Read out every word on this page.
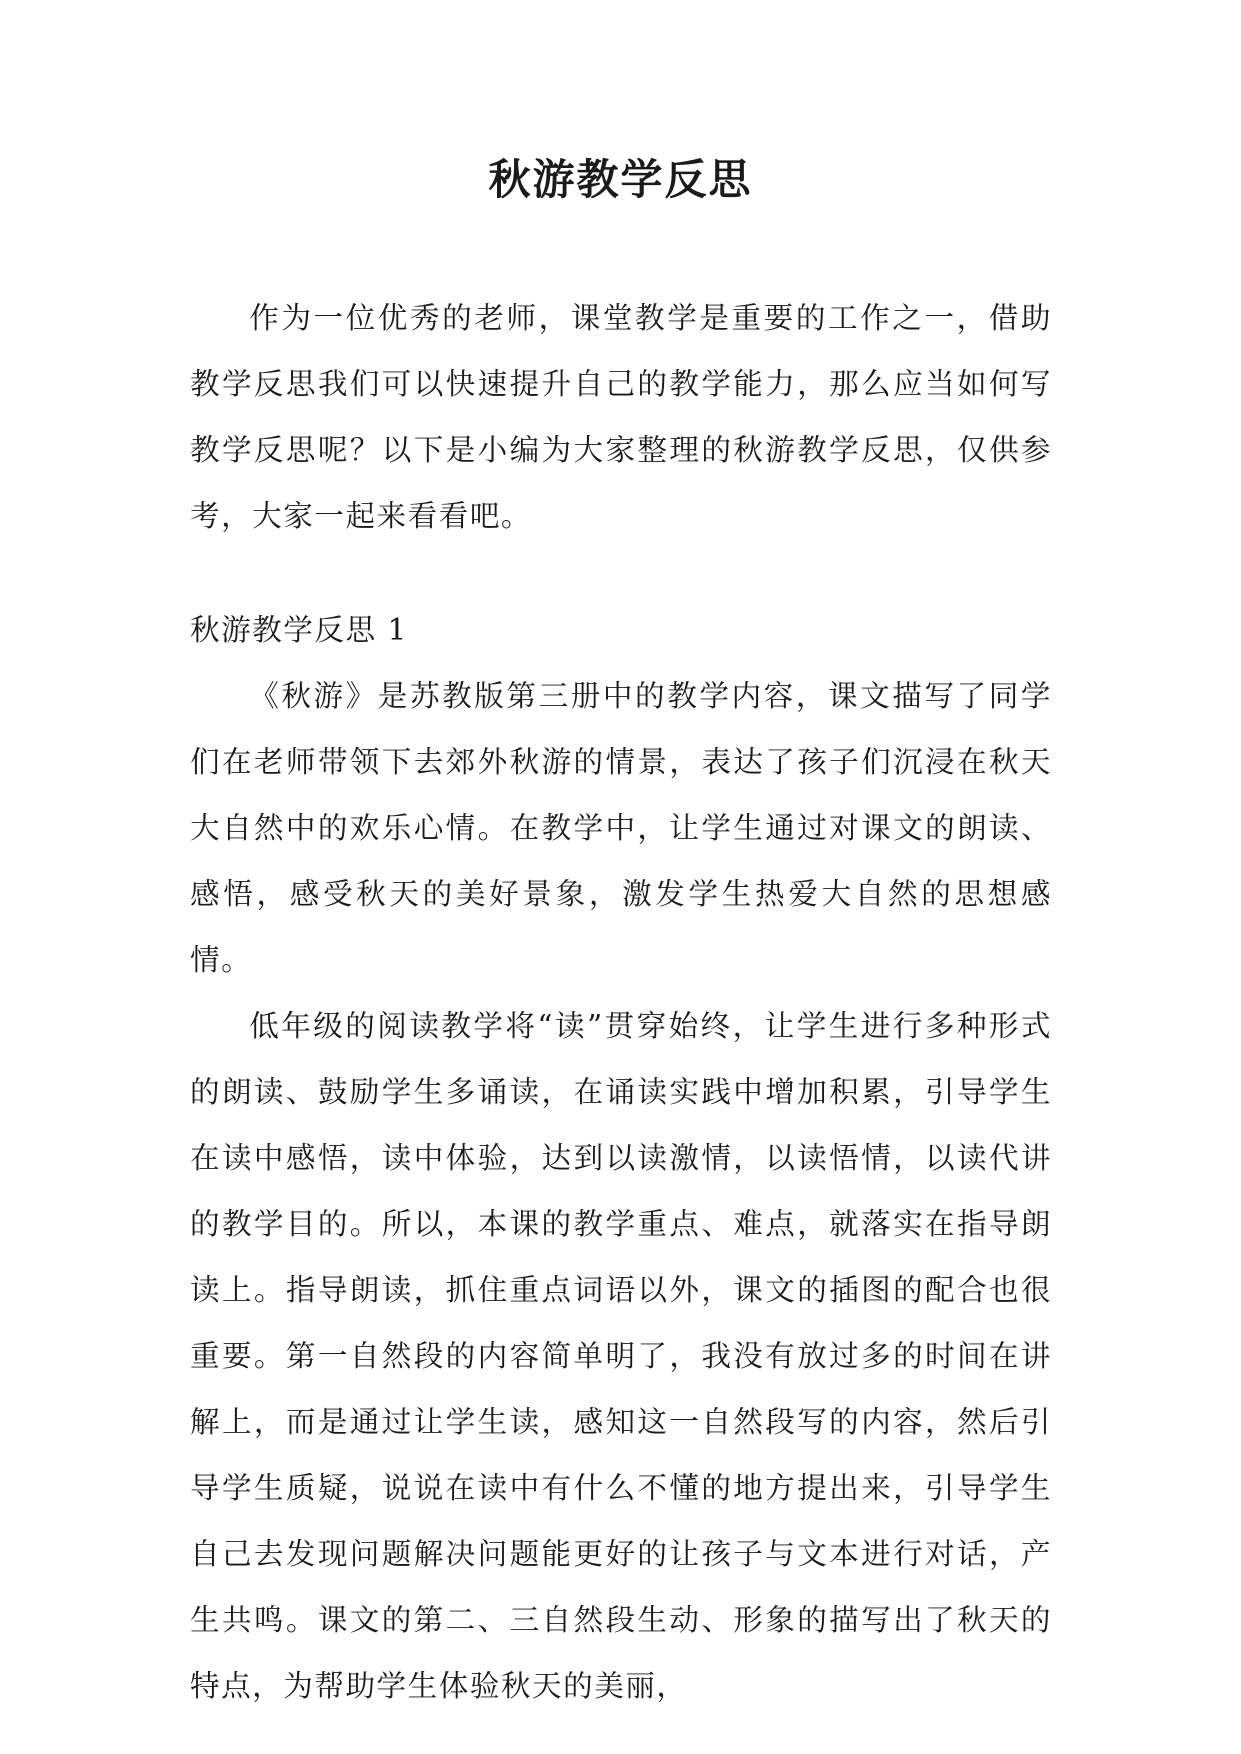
秋游教学反思

作为一位优秀的老师，课堂教学是重要的工作之一，借助教学反思我们可以快速提升自己的教学能力，那么应当如何写教学反思呢？以下是小编为大家整理的秋游教学反思，仅供参考，大家一起来看看吧。

秋游教学反思 1

《秋游》是苏教版第三册中的教学内容，课文描写了同学们在老师带领下去郊外秋游的情景，表达了孩子们沉浸在秋天大自然中的欢乐心情。在教学中，让学生通过对课文的朗读、感悟，感受秋天的美好景象，激发学生热爱大自然的思想感情。

低年级的阅读教学将“读”贯穿始终，让学生进行多种形式的朗读、鼓励学生多诵读，在诵读实践中增加积累，引导学生在读中感悟，读中体验，达到以读激情，以读悟情，以读代讲的教学目的。所以，本课的教学重点、难点，就落实在指导朗读上。指导朗读，抓住重点词语以外，课文的插图的配合也很重要。第一自然段的内容简单明了，我没有放过多的时间在讲解上，而是通过让学生读，感知这一自然段写的内容，然后引导学生质疑，说说在读中有什么不懂的地方提出来，引导学生自己去发现问题解决问题能更好的让孩子与文本进行对话，产生共鸣。课文的第二、三自然段生动、形象的描写出了秋天的特点，为帮助学生体验秋天的美丽，
